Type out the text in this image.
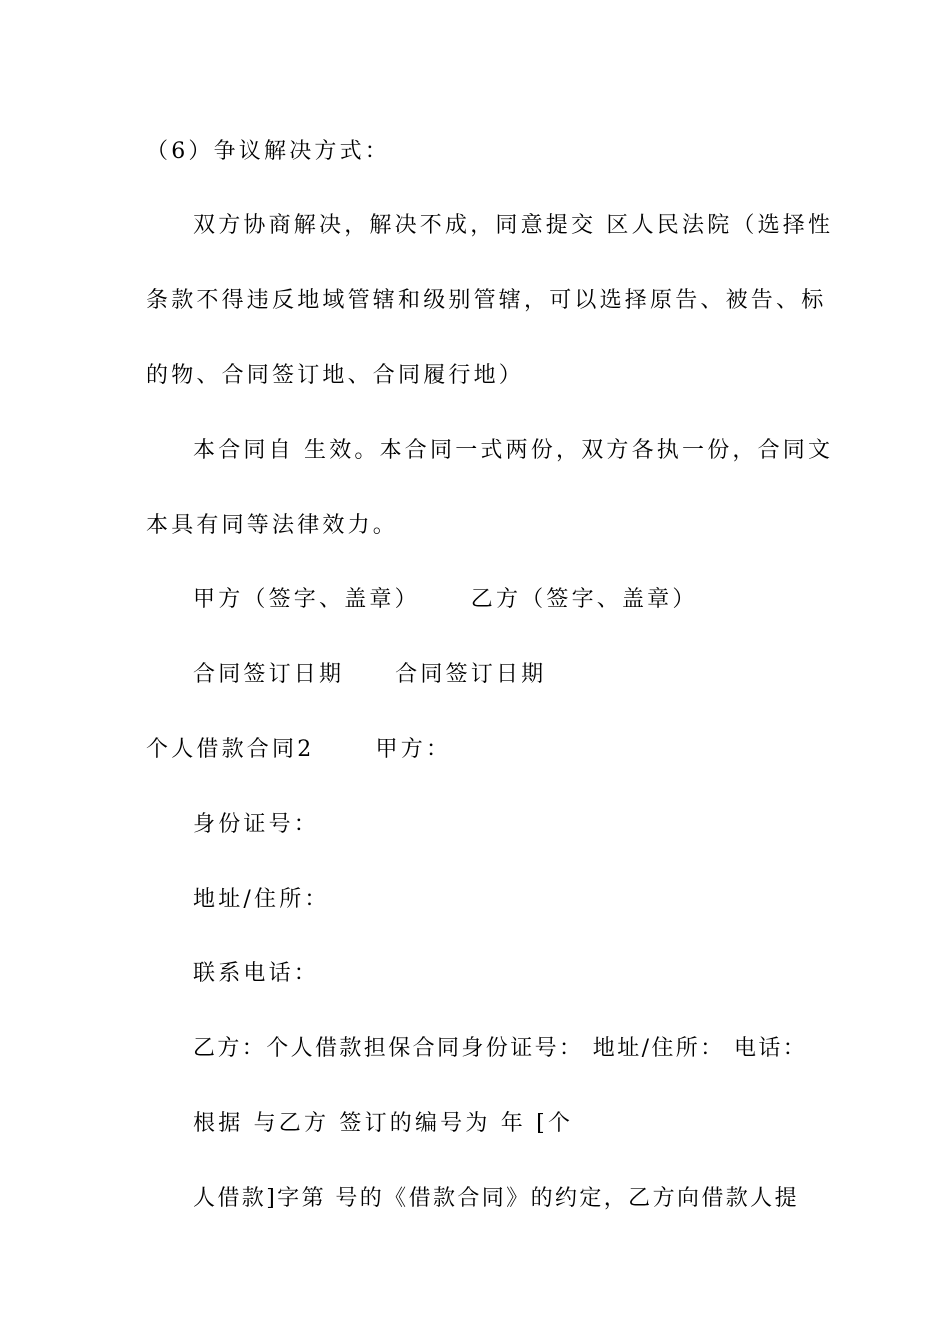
（6）争议解决方式：
双方协商解决，解决不成，同意提交 区人民法院（选择性
条款不得违反地域管辖和级别管辖，可以选择原告、被告、标
的物、合同签订地、合同履行地）
本合同自 生效。本合同一式两份，双方各执一份，合同文
本具有同等法律效力。
甲方（签字、盖章）     乙方（签字、盖章）
合同签订日期     合同签订日期
个人借款合同2      甲方：
身份证号：
地址/住所：
联系电话：
乙方：个人借款担保合同身份证号： 地址/住所： 电话：
根据 与乙方 签订的编号为 年 [个
人借款]字第 号的《借款合同》的约定，乙方向借款人提
